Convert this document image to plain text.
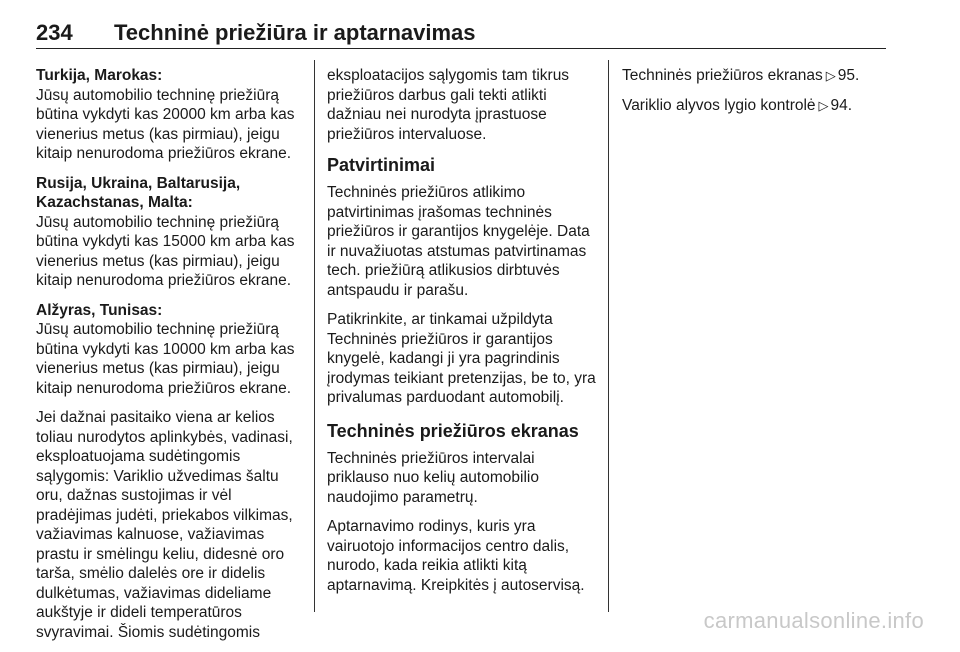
234 Techninė priežiūra ir aptarnavimas
Turkija, Marokas:
Jūsų automobilio techninę priežiūrą būtina vykdyti kas 20000 km arba kas vienerius metus (kas pirmiau), jeigu kitaip nenurodoma priežiūros ekrane.
Rusija, Ukraina, Baltarusija, Kazachstanas, Malta:
Jūsų automobilio techninę priežiūrą būtina vykdyti kas 15000 km arba kas vienerius metus (kas pirmiau), jeigu kitaip nenurodoma priežiūros ekrane.
Alžyras, Tunisas:
Jūsų automobilio techninę priežiūrą būtina vykdyti kas 10000 km arba kas vienerius metus (kas pirmiau), jeigu kitaip nenurodoma priežiūros ekrane.

Jei dažnai pasitaiko viena ar kelios toliau nurodytos aplinkybės, vadinasi, eksploatuojama sudėtingomis sąlygomis: Variklio užvedimas šaltu oru, dažnas sustojimas ir vėl pradėjimas judėti, priekabos vilkimas, važiavimas kalnuose, važiavimas prastu ir smėlingu keliu, didesnė oro tarša, smėlio dalelės ore ir didelis dulkėtumas, važiavimas dideliame aukštyje ir dideli temperatūros svyravimai. Šiomis sudėtingomis

eksploatacijos sąlygomis tam tikrus priežiūros darbus gali tekti atlikti dažniau nei nurodyta įprastuose priežiūros intervaluose.

Patvirtinimai

Techninės priežiūros atlikimo patvirtinimas įrašomas techninės priežiūros ir garantijos knygelėje. Data ir nuvažiuotas atstumas patvirtinamas tech. priežiūrą atlikusios dirbtuvės antspaudu ir parašu.

Patikrinkite, ar tinkamai užpildyta Techninės priežiūros ir garantijos knygelė, kadangi ji yra pagrindinis įrodymas teikiant pretenzijas, be to, yra privalumas parduodant automobilį.

Techninės priežiūros ekranas

Techninės priežiūros intervalai priklauso nuo kelių automobilio naudojimo parametrų.

Aptarnavimo rodinys, kuris yra vairuotojo informacijos centro dalis, nurodo, kada reikia atlikti kitą aptarnavimą. Kreipkitės į autoservisą.

Techninės priežiūros ekranas ▷ 95.

Variklio alyvos lygio kontrolė ▷ 94.

carmanualsonline.info
